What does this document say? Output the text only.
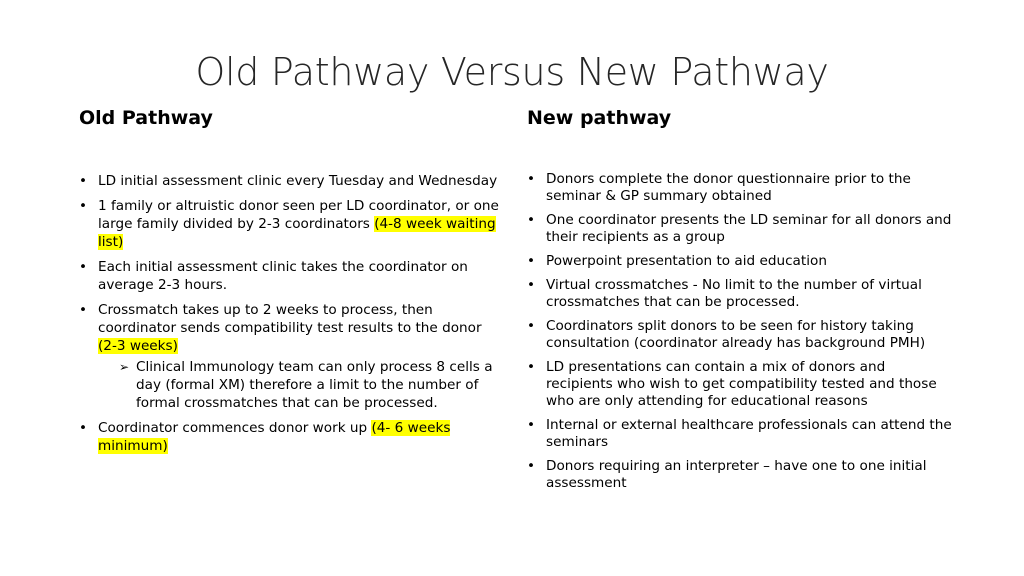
Old Pathway Versus New Pathway
Old Pathway	New pathway
• LD initial assessment clinic every Tuesday and Wednesday
• 1 family or altruistic donor seen per LD coordinator, or one large family divided by 2-3 coordinators (4-8 week waiting list)
• Each initial assessment clinic takes the coordinator on average 2-3 hours.
• Crossmatch takes up to 2 weeks to process, then coordinator sends compatibility test results to the donor (2-3 weeks)
➢ Clinical Immunology team can only process 8 cells a day (formal XM) therefore a limit to the number of formal crossmatches that can be processed.
• Coordinator commences donor work up (4- 6 weeks minimum)
• Donors complete the donor questionnaire prior to the seminar & GP summary obtained
• One coordinator presents the LD seminar for all donors and their recipients as a group
• Powerpoint presentation to aid education
• Virtual crossmatches - No limit to the number of virtual crossmatches that can be processed.
• Coordinators split donors to be seen for history taking consultation (coordinator already has background PMH)
• LD presentations can contain a mix of donors and recipients who wish to get compatibility tested and those who are only attending for educational reasons
• Internal or external healthcare professionals can attend the seminars
• Donors requiring an interpreter – have one to one initial assessment
